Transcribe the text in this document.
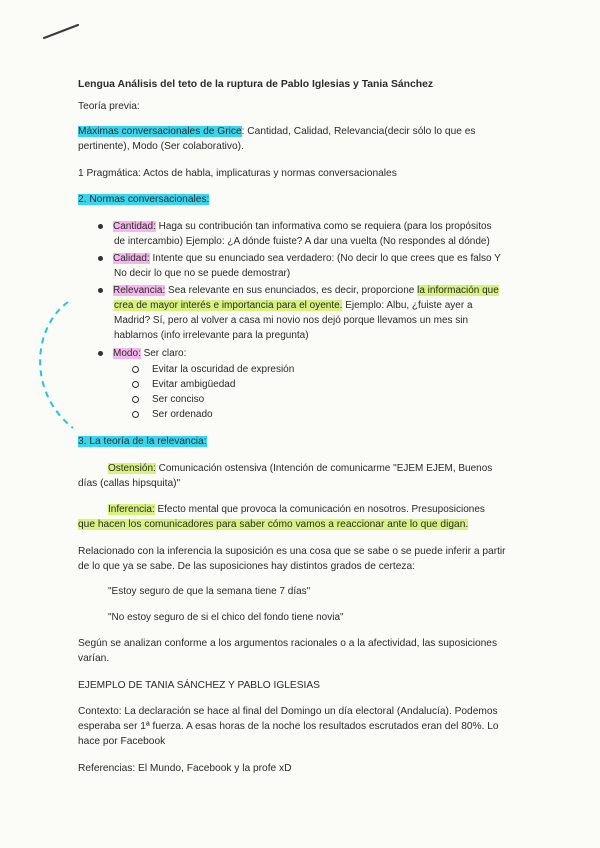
Lengua Análisis del teto de la ruptura de Pablo Iglesias y Tania Sánchez
Teoría previa:
Máximas conversacionales de Grice: Cantidad, Calidad, Relevancia(decir sólo lo que es
pertinente), Modo (Ser colaborativo).
1 Pragmática: Actos de habla, implicaturas y normas conversacionales
2. Normas conversacionales:
Cantidad: Haga su contribución tan informativa como se requiera (para los propósitos
de intercambio) Ejemplo: ¿A dónde fuiste? A dar una vuelta (No respondes al dónde)
Calidad: Intente que su enunciado sea verdadero: (No decir lo que crees que es falso Y
No decir lo que no se puede demostrar)
Relevancia: Sea relevante en sus enunciados, es decir, proporcione la información que
crea de mayor interés e importancia para el oyente. Ejemplo: Albu, ¿fuiste ayer a
Madrid? Sí, pero al volver a casa mi novio nos dejó porque llevamos un mes sin
hablarnos (info irrelevante para la pregunta)
Modo: Ser claro:
Evitar la oscuridad de expresión
Evitar ambigüedad
Ser conciso
Ser ordenado
3. La teoría de la relevancia:
Ostensión: Comunicación ostensiva (Intención de comunicarme "EJEM EJEM, Buenos
días (callas hipsquita)"
Inferencia: Efecto mental que provoca la comunicación en nosotros. Presuposiciones
que hacen los comunicadores para saber cómo vamos a reaccionar ante lo que digan.
Relacionado con la inferencia la suposición es una cosa que se sabe o se puede inferir a partir
de lo que ya se sabe. De las suposiciones hay distintos grados de certeza:
"Estoy seguro de que la semana tiene 7 días"
"No estoy seguro de si el chico del fondo tiene novia"
Según se analizan conforme a los argumentos racionales o a la afectividad, las suposiciones
varían.
EJEMPLO DE TANIA SÁNCHEZ Y PABLO IGLESIAS
Contexto: La declaración se hace al final del Domingo un día electoral (Andalucía). Podemos
esperaba ser 1ª fuerza. A esas horas de la noche los resultados escrutados eran del 80%. Lo
hace por Facebook
Referencias: El Mundo, Facebook y la profe xD
